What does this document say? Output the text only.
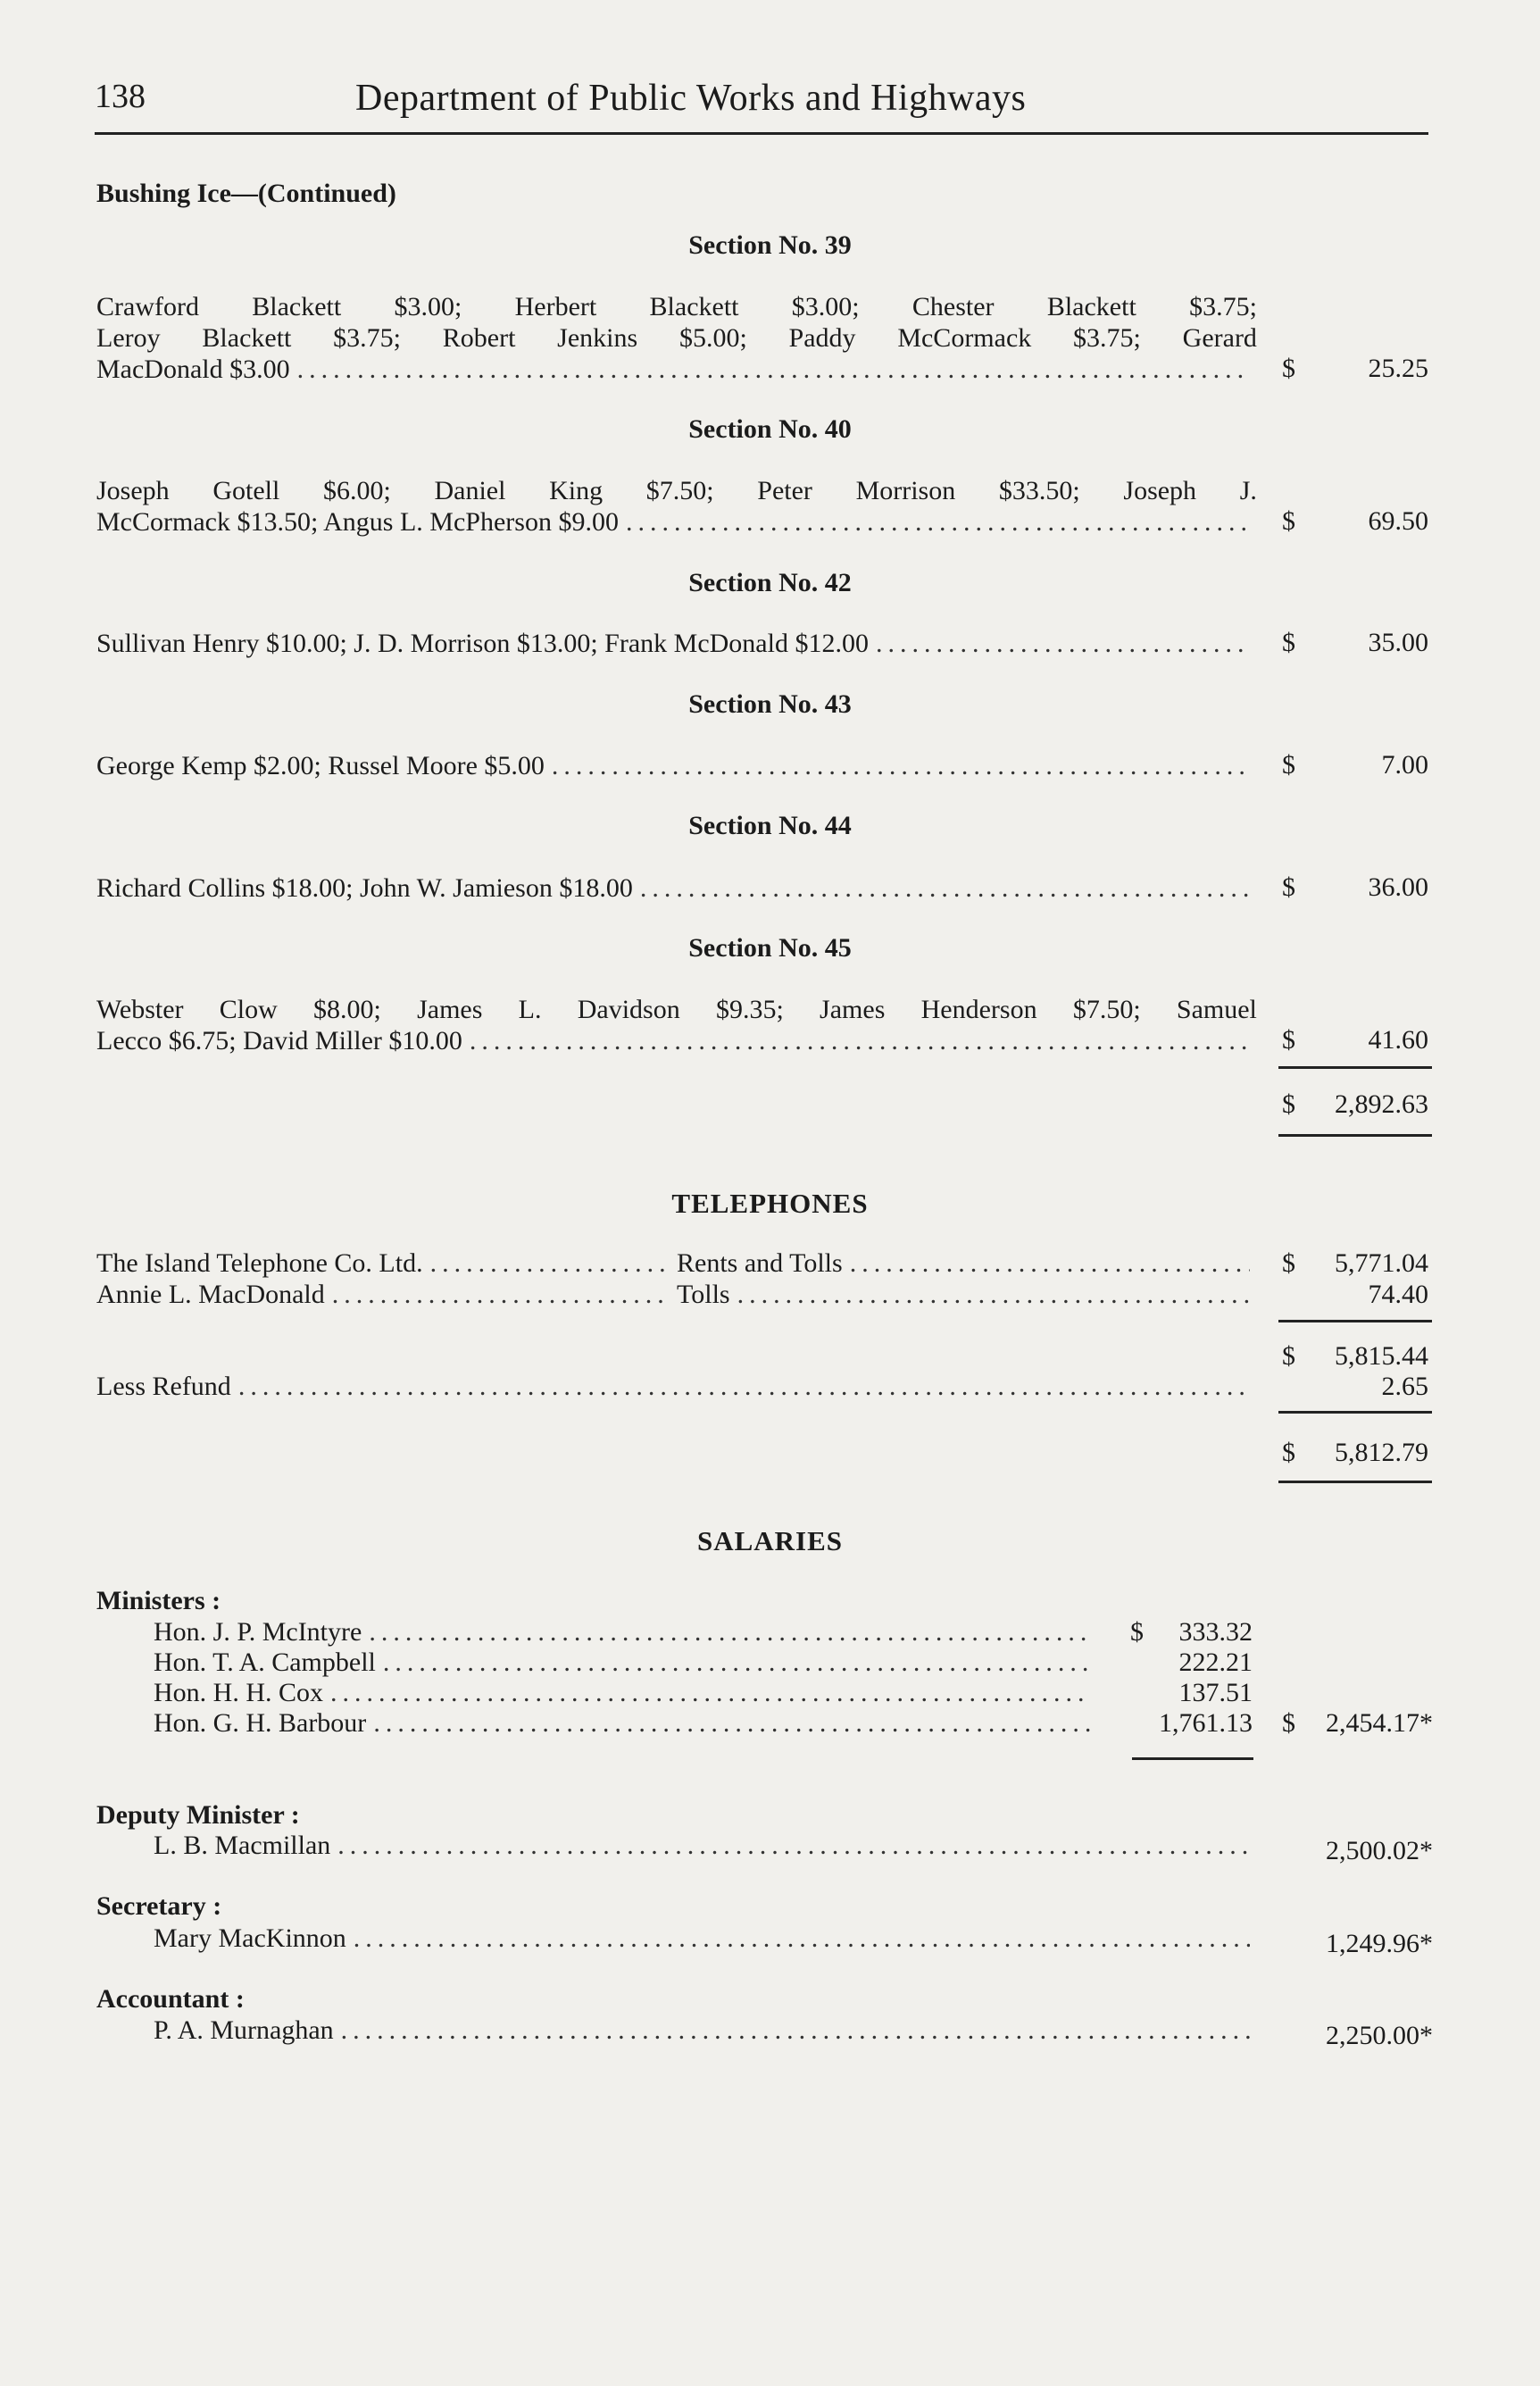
138	Department of Public Works and Highways
Bushing Ice—(Continued)
Section No. 39
Crawford Blackett $3.00; Herbert Blackett $3.00; Chester Blackett $3.75;
Leroy Blackett $3.75; Robert Jenkins $5.00; Paddy McCormack $3.75; Gerard
MacDonald $3.00 .....	$	25.25
Section No. 40
Joseph Gotell $6.00; Daniel King $7.50; Peter Morrison $33.50; Joseph J.
McCormack $13.50; Angus L. McPherson $9.00 .....	$	69.50
Section No. 42
Sullivan Henry $10.00; J. D. Morrison $13.00; Frank McDonald $12.00 .....	$	35.00
Section No. 43
George Kemp $2.00; Russel Moore $5.00 .....	$	7.00
Section No. 44
Richard Collins $18.00; John W. Jamieson $18.00 .....	$	36.00
Section No. 45
Webster Clow $8.00; James L. Davidson $9.35; James Henderson $7.50; Samuel
Lecco $6.75; David Miller $10.00 .....	$	41.60
$ 2,892.63
TELEPHONES
The Island Telephone Co. Ltd. .....	Rents and Tolls .....	$ 5,771.04
Annie L. MacDonald .....	Tolls .....	74.40
$ 5,815.44
Less Refund .....	2.65
$ 5,812.79
SALARIES
Ministers :
Hon. J. P. McIntyre .....	$ 333.32
Hon. T. A. Campbell .....	222.21
Hon. H. H. Cox .....	137.51
Hon. G. H. Barbour .....	1,761.13 $ 2,454.17*
Deputy Minister :
L. B. Macmillan .....	2,500.02*
Secretary :
Mary MacKinnon .....	1,249.96*
Accountant :
P. A. Murnaghan .....	2,250.00*
